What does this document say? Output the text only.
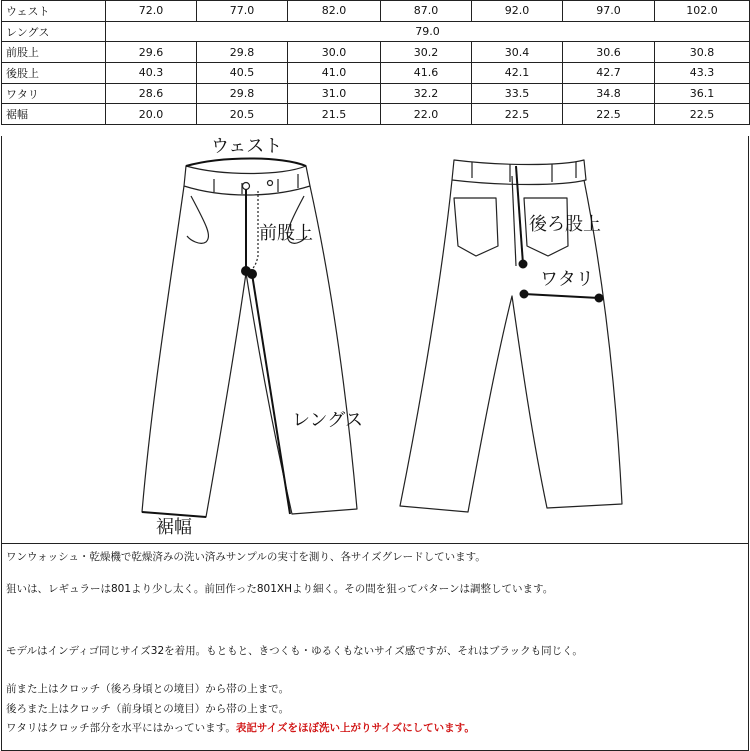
ウェスト	72.0	77.0	82.0	87.0	92.0	97.0	102.0
レングス	79.0						
前股上	29.6	29.8	30.0	30.2	30.4	30.6	30.8
後股上	40.3	40.5	41.0	41.6	42.1	42.7	43.3
ワタリ	28.6	29.8	31.0	32.2	33.5	34.8	36.1
裾幅	20.0	20.5	21.5	22.0	22.5	22.5	22.5
ウェスト
前股上
レングス
裾幅
後ろ股上
ワタリ

ワンウォッシュ・乾燥機で乾燥済みの洗い済みサンプルの実寸を測り、各サイズグレードしています。

狙いは、レギュラーは801より少し太く。前回作った801XHより細く。その間を狙ってパターンは調整しています。

モデルはインディゴ同じサイズ32を着用。もともと、きつくも・ゆるくもないサイズ感ですが、それはブラックも同じく。

前また上はクロッチ（後ろ身頃との境目）から帯の上まで。

後ろまた上はクロッチ（前身頃との境目）から帯の上まで。

ワタリはクロッチ部分を水平にはかっています。表記サイズをほぼ洗い上がりサイズにしています。
